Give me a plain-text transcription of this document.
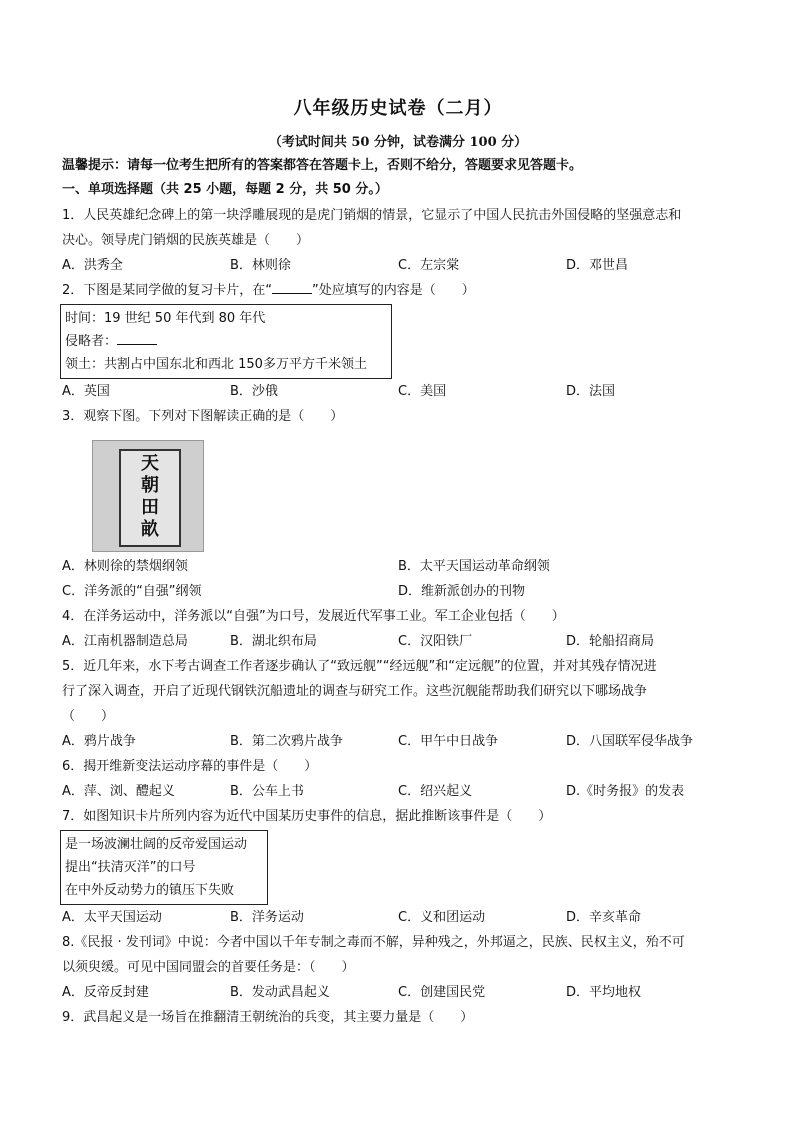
八年级历史试卷（二月）
（考试时间共 50 分钟，试卷满分 100 分）
温馨提示：请每一位考生把所有的答案都答在答题卡上，否则不给分，答题要求见答题卡。
一、单项选择题（共 25 小题，每题 2 分，共 50 分。）
1．人民英雄纪念碑上的第一块浮雕展现的是虎门销烟的情景，它显示了中国人民抗击外国侵略的坚强意志和
决心。领导虎门销烟的民族英雄是（　　）
A．洪秀全	B．林则徐	C．左宗棠	D．邓世昌
2．下图是某同学做的复习卡片，在“	”处应填写的内容是（　　）
时间：19 世纪 50 年代到 80 年代
侵略者：
领土：共割占中国东北和西北 150多万平方千米领土
A．英国	B．沙俄	C．美国	D．法国
3．观察下图。下列对下图解读正确的是（　　）
天
朝
田
畝
A．林则徐的禁烟纲领	B．太平天国运动革命纲领
C．洋务派的“自强”纲领	D．维新派创办的刊物
4．在洋务运动中，洋务派以“自强”为口号，发展近代军事工业。军工企业包括（　　）
A．江南机器制造总局	B．湖北织布局	C．汉阳铁厂	D．轮船招商局
5．近几年来，水下考古调查工作者逐步确认了“致远舰”“经远舰”和“定远舰”的位置，并对其残存情况进
行了深入调查，开启了近现代钢铁沉船遗址的调查与研究工作。这些沉舰能帮助我们研究以下哪场战争
（　　）
A．鸦片战争	B．第二次鸦片战争	C．甲午中日战争	D．八国联军侵华战争
6．揭开维新变法运动序幕的事件是（　　）
A．萍、浏、醴起义	B．公车上书	C．绍兴起义	D.《时务报》的发表
7．如图知识卡片所列内容为近代中国某历史事件的信息，据此推断该事件是（　　）
是一场波澜壮阔的反帝爱国运动
提出“扶清灭洋”的口号
在中外反动势力的镇压下失败
A．太平天国运动	B．洋务运动	C．义和团运动	D．辛亥革命
8.《民报 · 发刊词》中说：今者中国以千年专制之毒而不解，异种残之，外邦逼之，民族、民权主义，殆不可
以须臾缓。可见中国同盟会的首要任务是：（　　）
A．反帝反封建	B．发动武昌起义	C．创建国民党	D．平均地权
9．武昌起义是一场旨在推翻清王朝统治的兵变，其主要力量是（　　）
